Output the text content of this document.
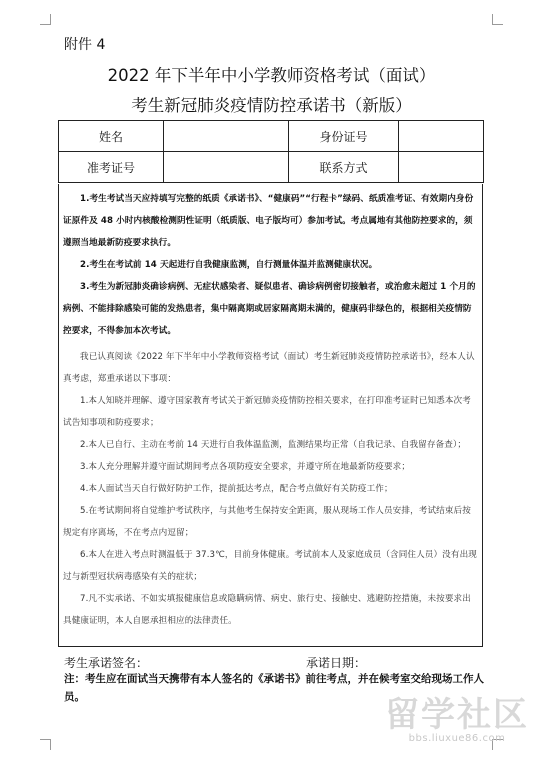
附件 4
2022 年下半年中小学教师资格考试（面试）
考生新冠肺炎疫情防控承诺书（新版）
姓名		身份证号	
准考证号		联系方式	
1.考生考试当天应持填写完整的纸质《承诺书》、“健康码”“行程卡”绿码、纸质准考证、有效期内身份证原件及 48 小时内核酸检测阴性证明（纸质版、电子版均可）参加考试。考点属地有其他防控要求的，须遵照当地最新防疫要求执行。
2.考生在考试前 14 天起进行自我健康监测，自行测量体温并监测健康状况。
3.考生为新冠肺炎确诊病例、无症状感染者、疑似患者、确诊病例密切接触者，或治愈未超过 1 个月的病例、不能排除感染可能的发热患者，集中隔离期或居家隔离期未满的，健康码非绿色的，根据相关疫情防控要求，不得参加本次考试。
我已认真阅读《2022 年下半年中小学教师资格考试（面试）考生新冠肺炎疫情防控承诺书》，经本人认真考虑，郑重承诺以下事项：
1.本人知晓并理解、遵守国家教育考试关于新冠肺炎疫情防控相关要求，在打印准考证时已知悉本次考试告知事项和防疫要求；
2.本人已自行、主动在考前 14 天进行自我体温监测，监测结果均正常（自我记录、自我留存备查）；
3.本人充分理解并遵守面试期间考点各项防疫安全要求，并遵守所在地最新防疫要求；
4.本人面试当天自行做好防护工作，提前抵达考点，配合考点做好有关防疫工作；
5.在考试期间将自觉维护考试秩序，与其他考生保持安全距离，服从现场工作人员安排，考试结束后按规定有序离场，不在考点内逗留；
6.本人在进入考点时测温低于 37.3℃，目前身体健康。考试前本人及家庭成员（含同住人员）没有出现过与新型冠状病毒感染有关的症状；
7.凡不实承诺、不如实填报健康信息或隐瞒病情、病史、旅行史、接触史、逃避防控措施，未按要求出具健康证明，本人自愿承担相应的法律责任。
考生承诺签名：	承诺日期：
注：考生应在面试当天携带有本人签名的《承诺书》前往考点，并在候考室交给现场工作人员。	留学社区
bbs.liuxue86.com
